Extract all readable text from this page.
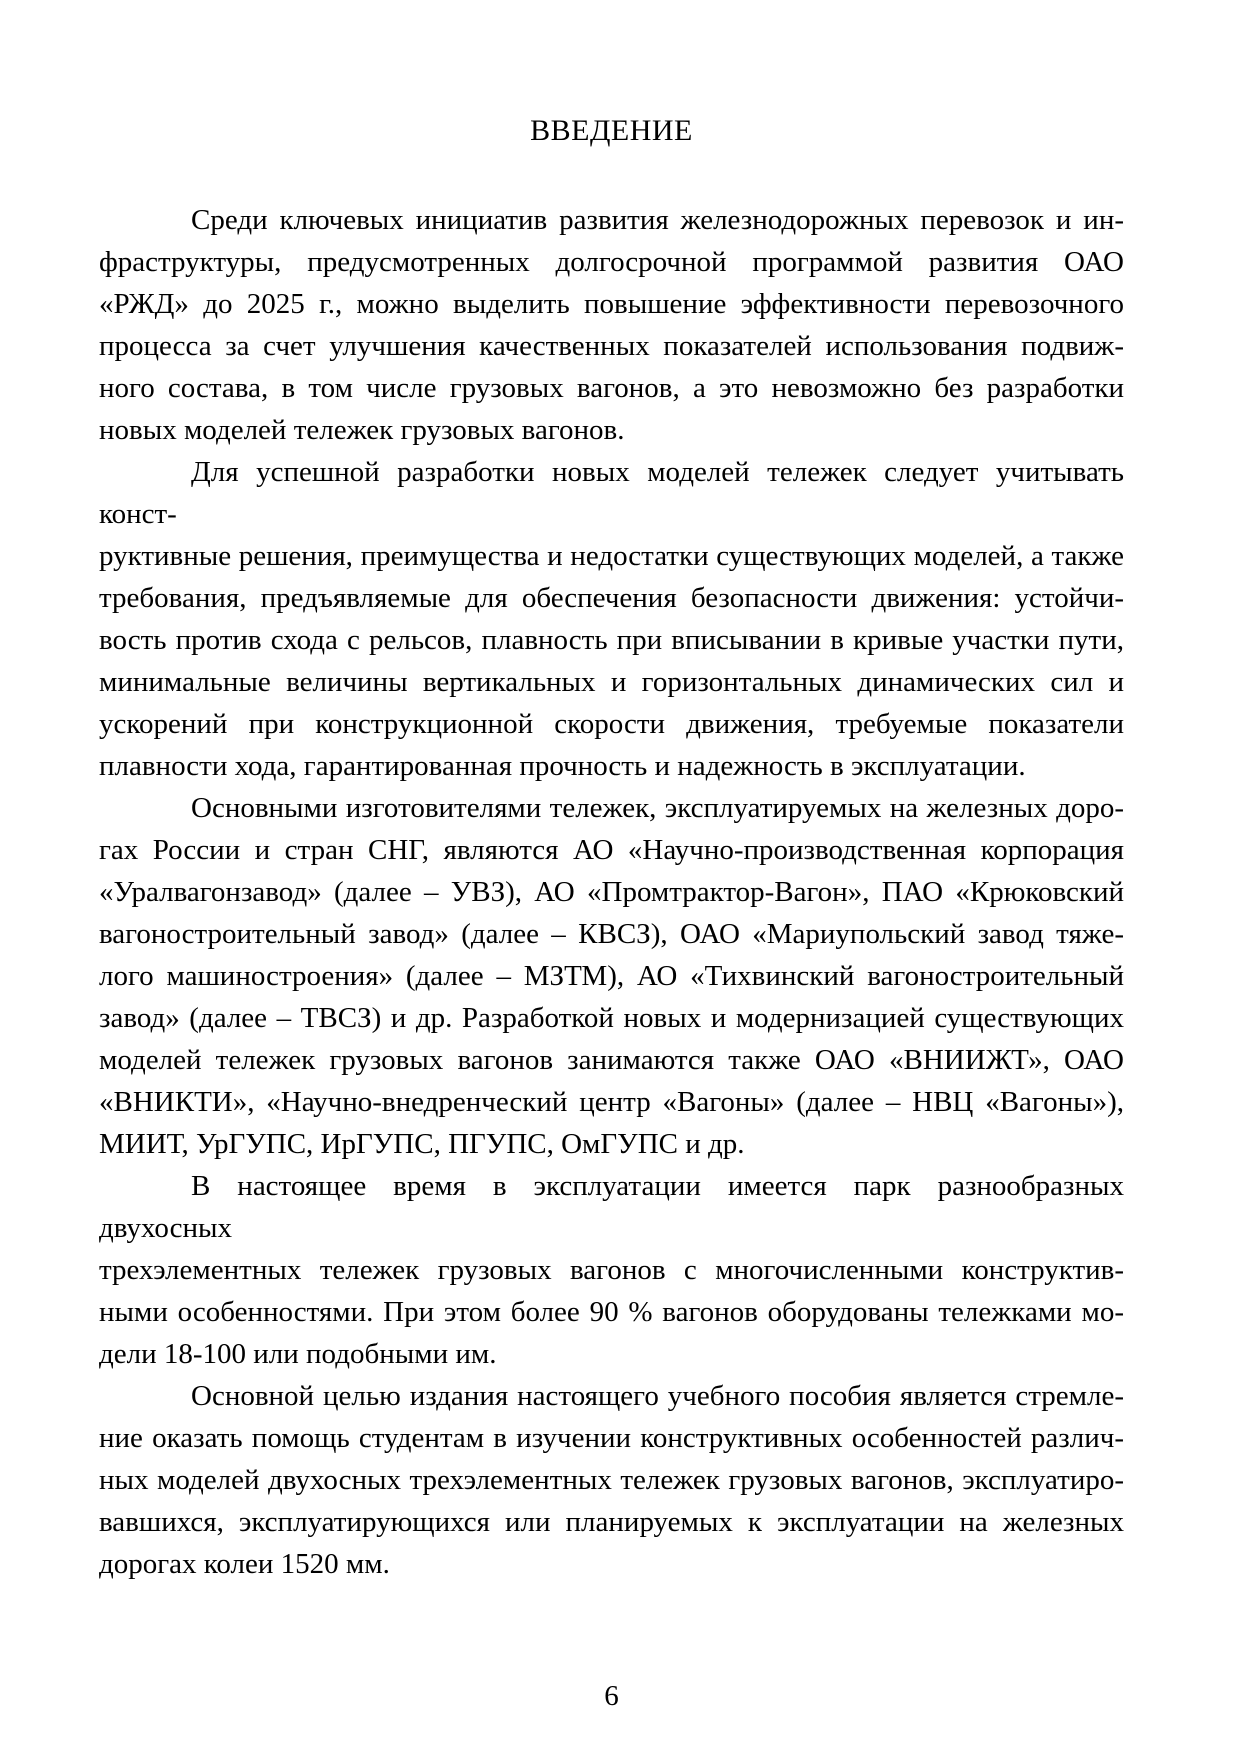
ВВЕДЕНИЕ
Среди ключевых инициатив развития железнодорожных перевозок и ин-
фраструктуры, предусмотренных долгосрочной программой развития ОАО
«РЖД» до 2025 г., можно выделить повышение эффективности перевозочного
процесса за счет улучшения качественных показателей использования подвиж-
ного состава, в том числе грузовых вагонов, а это невозможно без разработки
новых моделей тележек грузовых вагонов.
Для успешной разработки новых моделей тележек следует учитывать конст-
руктивные решения, преимущества и недостатки существующих моделей, а также
требования, предъявляемые для обеспечения безопасности движения: устойчи-
вость против схода с рельсов, плавность при вписывании в кривые участки пути,
минимальные величины вертикальных и горизонтальных динамических сил и
ускорений при конструкционной скорости движения, требуемые показатели
плавности хода, гарантированная прочность и надежность в эксплуатации.
Основными изготовителями тележек, эксплуатируемых на железных доро-
гах России и стран СНГ, являются АО «Научно-производственная корпорация
«Уралвагонзавод» (далее – УВЗ), АО «Промтрактор-Вагон», ПАО «Крюковский
вагоностроительный завод» (далее – КВСЗ), ОАО «Мариупольский завод тяже-
лого машиностроения» (далее – МЗТМ), АО «Тихвинский вагоностроительный
завод» (далее – ТВСЗ) и др. Разработкой новых и модернизацией существующих
моделей тележек грузовых вагонов занимаются также ОАО «ВНИИЖТ», ОАО
«ВНИКТИ», «Научно-внедренческий центр «Вагоны» (далее – НВЦ «Вагоны»),
МИИТ, УрГУПС, ИрГУПС, ПГУПС, ОмГУПС и др.
В настоящее время в эксплуатации имеется парк разнообразных двухосных
трехэлементных тележек грузовых вагонов с многочисленными конструктив-
ными особенностями. При этом более 90 % вагонов оборудованы тележками мо-
дели 18-100 или подобными им.
Основной целью издания настоящего учебного пособия является стремле-
ние оказать помощь студентам в изучении конструктивных особенностей различ-
ных моделей двухосных трехэлементных тележек грузовых вагонов, эксплуатиро-
вавшихся, эксплуатирующихся или планируемых к эксплуатации на железных
дорогах колеи 1520 мм.
6
